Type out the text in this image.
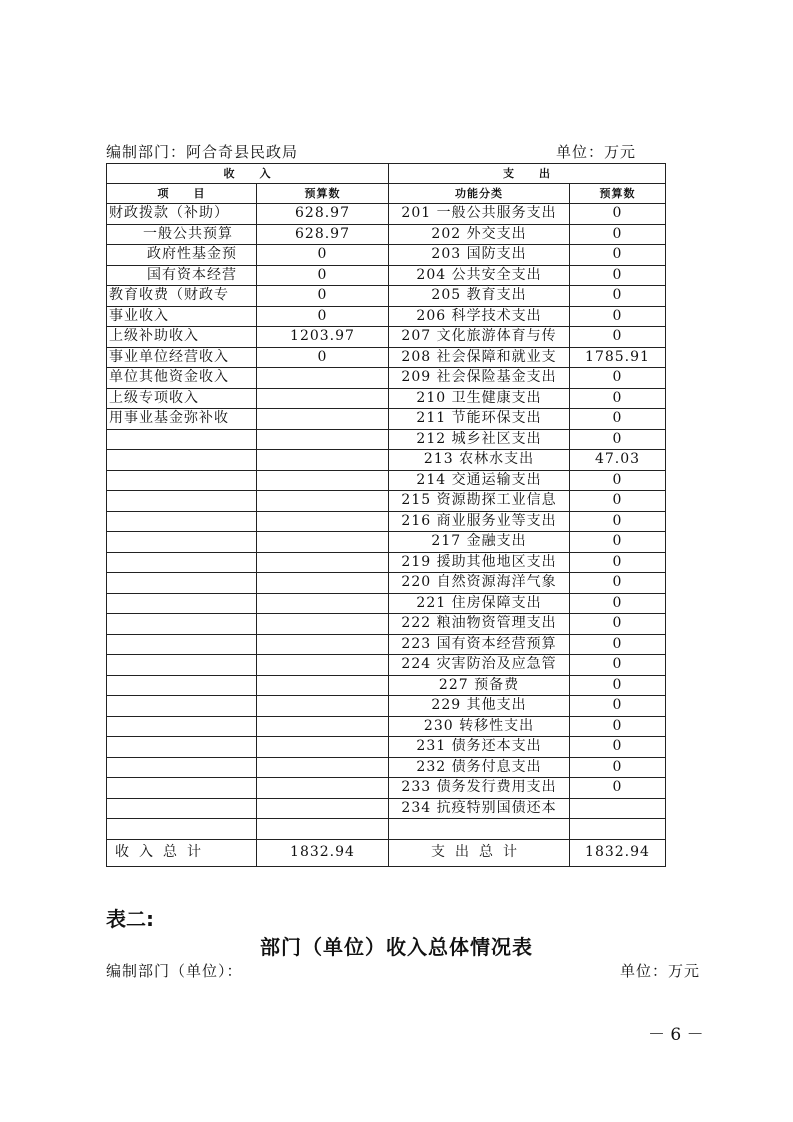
编制部门：阿合奇县民政局	单位：万元
收　　入		支　　出	
项　　目	预算数	功能分类	预算数
财政拨款（补助）	628.97	201 一般公共服务支出	0
一般公共预算	628.97	202 外交支出	0
政府性基金预	0	203 国防支出	0
国有资本经营	0	204 公共安全支出	0
教育收费（财政专	0	205 教育支出	0
事业收入	0	206 科学技术支出	0
上级补助收入	1203.97	207 文化旅游体育与传	0
事业单位经营收入	0	208 社会保障和就业支	1785.91
单位其他资金收入		209 社会保险基金支出	0
上级专项收入		210 卫生健康支出	0
用事业基金弥补收		211 节能环保支出	0
		212 城乡社区支出	0
		213 农林水支出	47.03
		214 交通运输支出	0
		215 资源勘探工业信息	0
		216 商业服务业等支出	0
		217 金融支出	0
		219 援助其他地区支出	0
		220 自然资源海洋气象	0
		221 住房保障支出	0
		222 粮油物资管理支出	0
		223 国有资本经营预算	0
		224 灾害防治及应急管	0
		227 预备费	0
		229 其他支出	0
		230 转移性支出	0
		231 债务还本支出	0
		232 债务付息支出	0
		233 债务发行费用支出	0
		234 抗疫特别国债还本	

收入总计	1832.94	支出总计	1832.94
表二:
部门（单位）收入总体情况表
编制部门（单位）：	单位：万元
－ 6 －
